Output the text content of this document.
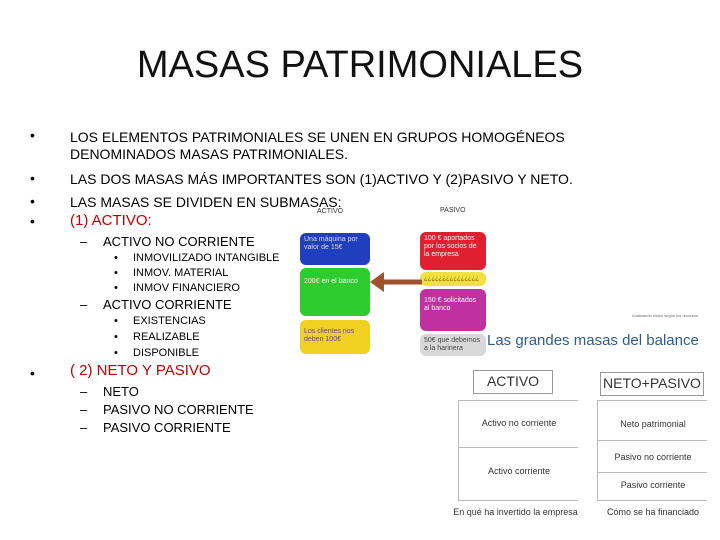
MASAS PATRIMONIALES
•	LOS ELEMENTOS PATRIMONIALES SE UNEN EN GRUPOS HOMOGÉNEOS
DENOMINADOS MASAS PATRIMONIALES.
•	LAS DOS MASAS MÁS IMPORTANTES SON (1)ACTIVO Y (2)PASIVO Y NETO.
•	LAS MASAS SE DIVIDEN EN SUBMASAS:
• (1) ACTIVO:
– ACTIVO NO CORRIENTE
• INMOVILIZADO INTANGIBLE
• INMOV. MATERIAL
• INMOV FINANCIERO
– ACTIVO CORRIENTE
• EXISTENCIAS
• REALIZABLE
• DISPONIBLE
• ( 2) NETO Y PASIVO
– NETO
– PASIVO NO CORRIENTE
– PASIVO CORRIENTE
ACTIVO	PASIVO
Una máquina por valor de 15€
200€ en el banco
Los clientes nos deben 100€
100 € aportados por los socios de la empresa
¿¿¿¿¿¿¿¿¿¿¿¿¿¿¿
150 € solicitados al banco
50€ que debemos a la harinera
Analizando visión según los recursos
Las grandes masas del balance
ACTIVO	NETO+PASIVO
Activo no corriente
Activo corriente
Neto patrimonial
Pasivo no corriente
Pasivo corriente
En qué ha invertido la empresa	Cómo se ha financiado
